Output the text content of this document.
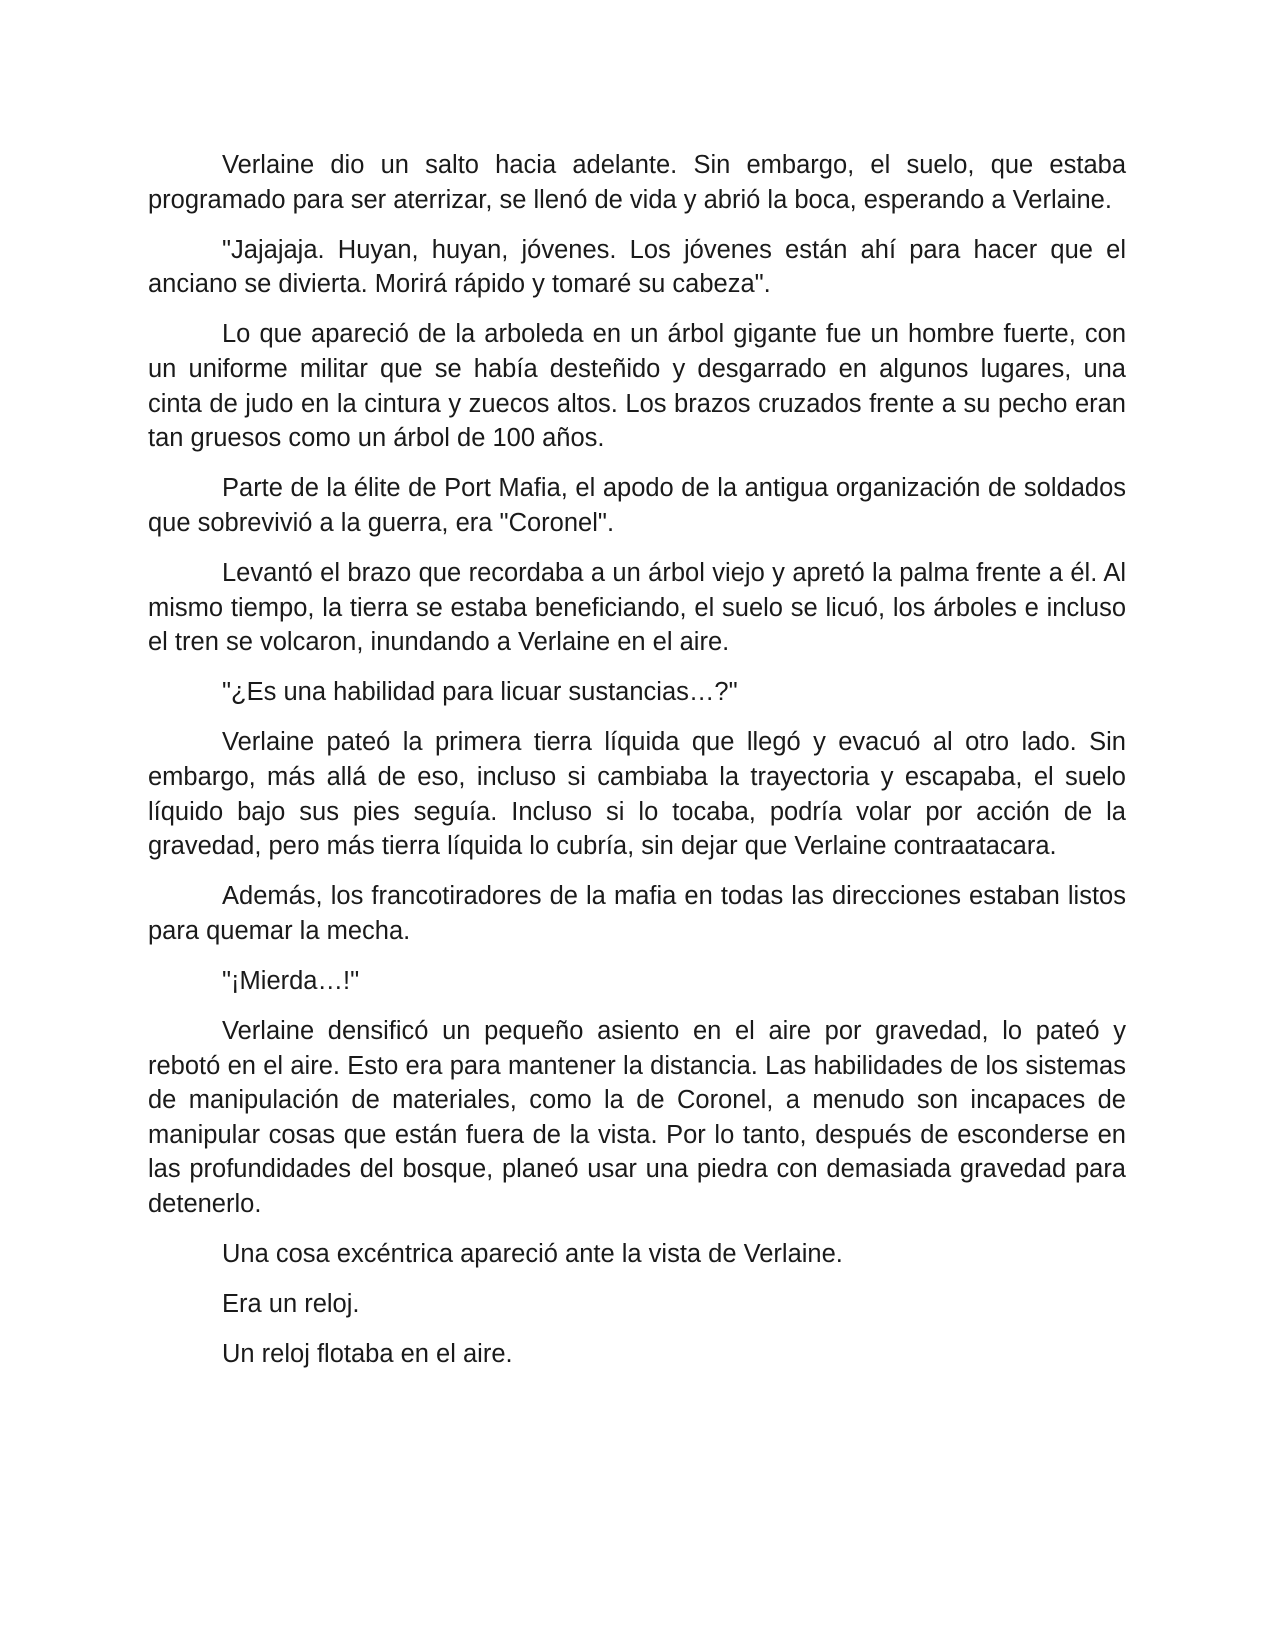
Verlaine dio un salto hacia adelante. Sin embargo, el suelo, que estaba programado para ser aterrizar, se llenó de vida y abrió la boca, esperando a Verlaine.

"Jajajaja. Huyan, huyan, jóvenes. Los jóvenes están ahí para hacer que el anciano se divierta. Morirá rápido y tomaré su cabeza".

Lo que apareció de la arboleda en un árbol gigante fue un hombre fuerte, con un uniforme militar que se había desteñido y desgarrado en algunos lugares, una cinta de judo en la cintura y zuecos altos. Los brazos cruzados frente a su pecho eran tan gruesos como un árbol de 100 años.

Parte de la élite de Port Mafia, el apodo de la antigua organización de soldados que sobrevivió a la guerra, era "Coronel".

Levantó el brazo que recordaba a un árbol viejo y apretó la palma frente a él. Al mismo tiempo, la tierra se estaba beneficiando, el suelo se licuó, los árboles e incluso el tren se volcaron, inundando a Verlaine en el aire.

"¿Es una habilidad para licuar sustancias…?"

Verlaine pateó la primera tierra líquida que llegó y evacuó al otro lado. Sin embargo, más allá de eso, incluso si cambiaba la trayectoria y escapaba, el suelo líquido bajo sus pies seguía. Incluso si lo tocaba, podría volar por acción de la gravedad, pero más tierra líquida lo cubría, sin dejar que Verlaine contraatacara.

Además, los francotiradores de la mafia en todas las direcciones estaban listos para quemar la mecha.

"¡Mierda…!"

Verlaine densificó un pequeño asiento en el aire por gravedad, lo pateó y rebotó en el aire. Esto era para mantener la distancia. Las habilidades de los sistemas de manipulación de materiales, como la de Coronel, a menudo son incapaces de manipular cosas que están fuera de la vista. Por lo tanto, después de esconderse en las profundidades del bosque, planeó usar una piedra con demasiada gravedad para detenerlo.

Una cosa excéntrica apareció ante la vista de Verlaine.

Era un reloj.

Un reloj flotaba en el aire.
